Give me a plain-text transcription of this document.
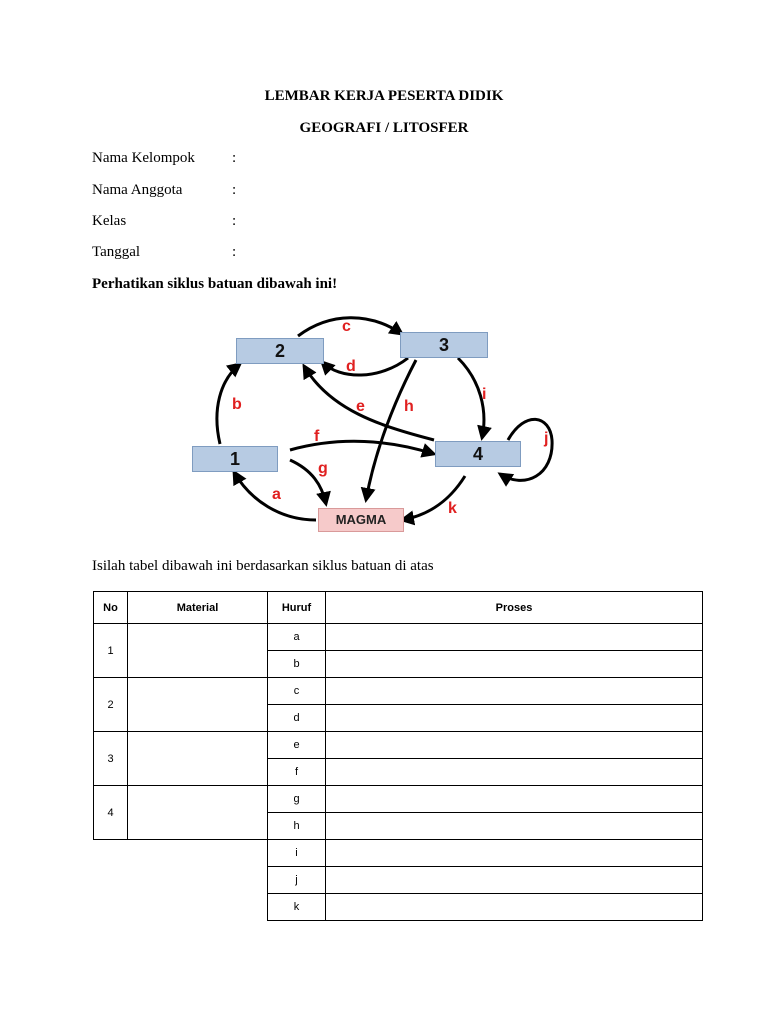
LEMBAR KERJA PESERTA DIDIK
GEOGRAFI / LITOSFER
Nama Kelompok :
Nama Anggota	:
Kelas	:
Tanggal	:
Perhatikan siklus batuan dibawah ini!
2	3
1	4
MAGMA
c
d
b	e h
i
j
f
g
a
k
Isilah tabel dibawah ini berdasarkan siklus batuan di atas
No	Material	Huruf	Proses
1		a	
		b	
2		c	
		d	
3		e	
		f	
4		g	
		h	
		i	
		j	
		k	
